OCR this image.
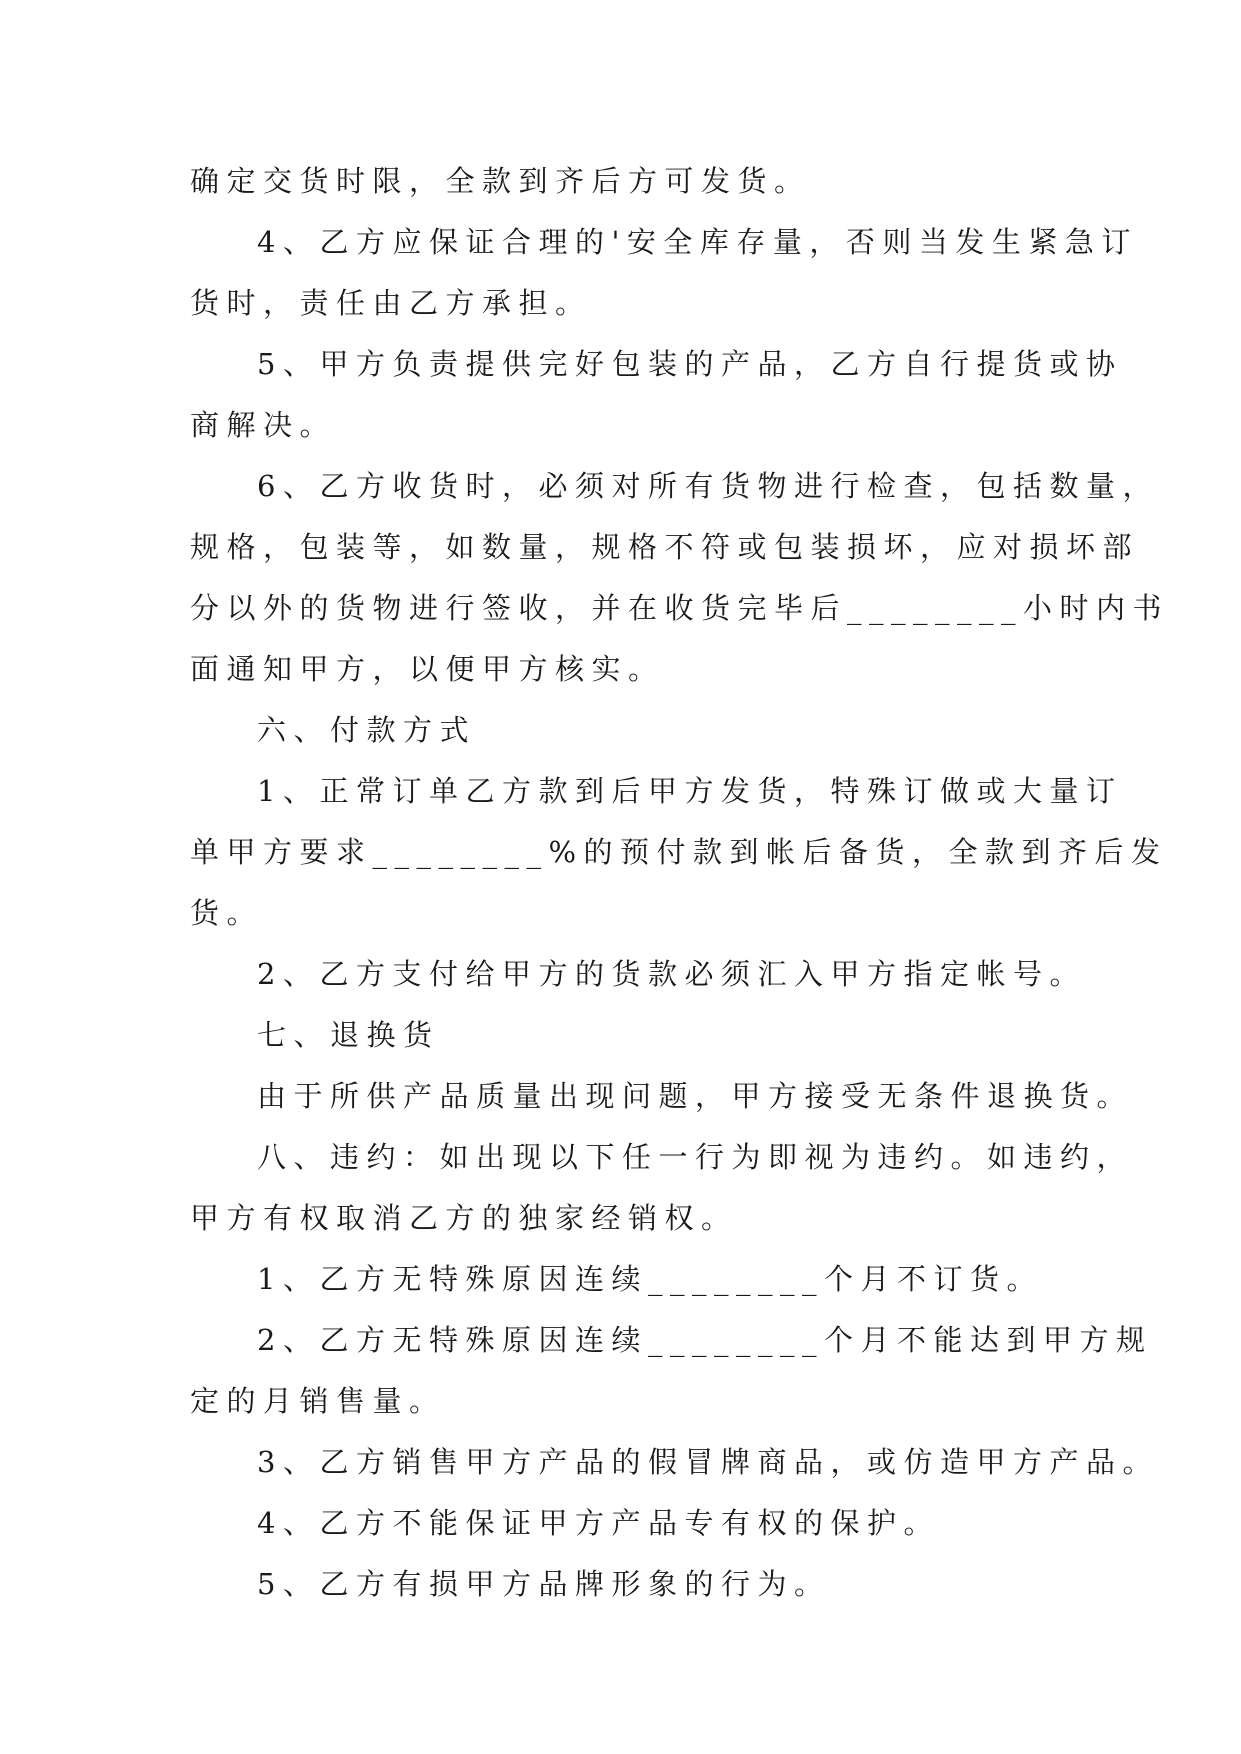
确定交货时限，全款到齐后方可发货。
4、乙方应保证合理的'安全库存量，否则当发生紧急订
货时，责任由乙方承担。
5、甲方负责提供完好包装的产品，乙方自行提货或协
商解决。
6、乙方收货时，必须对所有货物进行检查，包括数量，
规格，包装等，如数量，规格不符或包装损坏，应对损坏部
分以外的货物进行签收，并在收货完毕后________小时内书
面通知甲方，以便甲方核实。
六、付款方式
1、正常订单乙方款到后甲方发货，特殊订做或大量订
单甲方要求________%的预付款到帐后备货，全款到齐后发
货。
2、乙方支付给甲方的货款必须汇入甲方指定帐号。
七、退换货
由于所供产品质量出现问题，甲方接受无条件退换货。
八、违约：如出现以下任一行为即视为违约。如违约，
甲方有权取消乙方的独家经销权。
1、乙方无特殊原因连续________个月不订货。
2、乙方无特殊原因连续________个月不能达到甲方规
定的月销售量。
3、乙方销售甲方产品的假冒牌商品，或仿造甲方产品。
4、乙方不能保证甲方产品专有权的保护。
5、乙方有损甲方品牌形象的行为。
